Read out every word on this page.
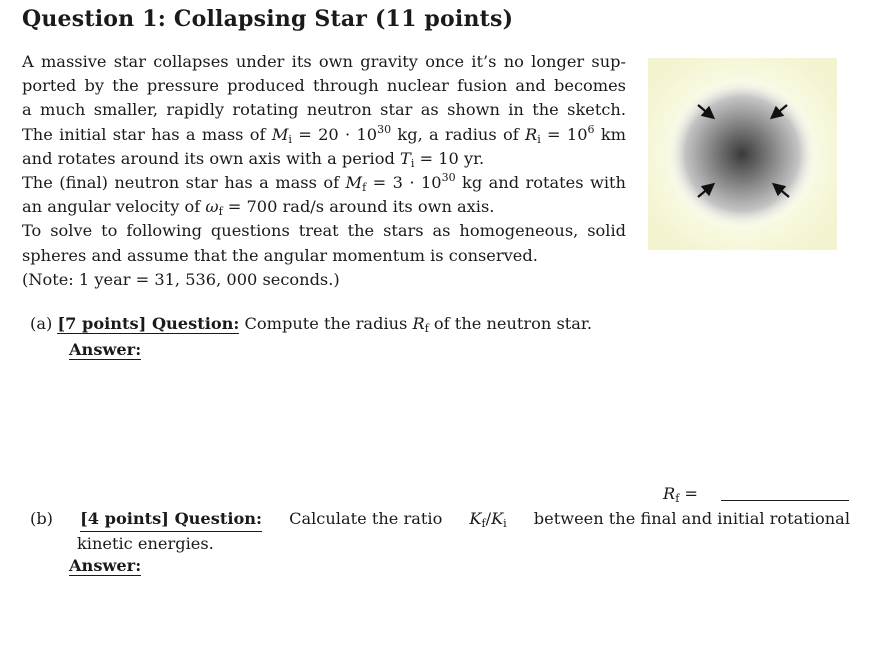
Question 1: Collapsing Star (11 points)

A massive star collapses under its own gravity once it’s no longer sup-

ported by the pressure produced through nuclear fusion and becomes

a much smaller, rapidly rotating neutron star as shown in the sketch.

The initial star has a mass of $M_i = 20 \cdot 10^{30}$ kg, a radius of $R_i = 10^6$ km

and rotates around its own axis with a period $T_i = 10$ yr.

The (final) neutron star has a mass of $M_f = 3 \cdot 10^{30}$ kg and rotates with

an angular velocity of $\omega_f = 700$ rad/s around its own axis.

To solve to following questions treat the stars as homogeneous, solid

spheres and assume that the angular momentum is conserved.

(Note: 1 year = 31, 536, 000 seconds.)

(a) [7 points] Question: Compute the radius $R_f$ of the neutron star.
Answer:
$R_f$ =
(b) [4 points] Question: Calculate the ratio $K_f/K_i$ between the final and initial rotational
kinetic energies.
Answer:
